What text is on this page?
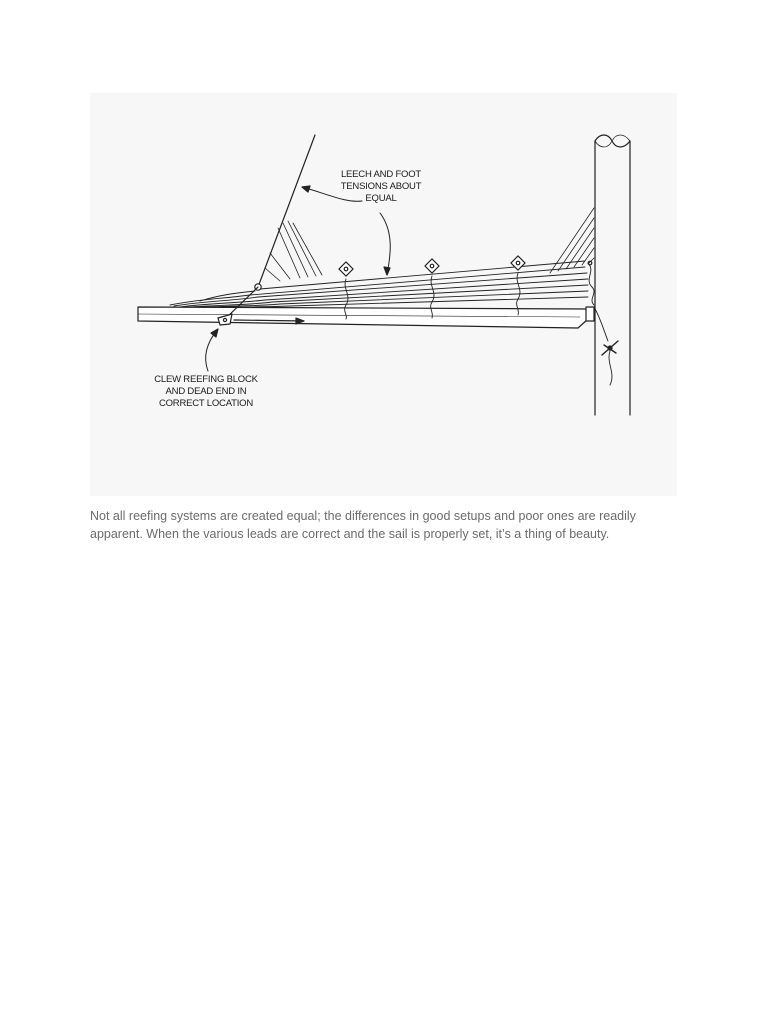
LEECH AND FOOT
TENSIONS ABOUT
EQUAL
CLEW REEFING BLOCK
AND DEAD END IN
CORRECT LOCATION

Not all reefing systems are created equal; the differences in good setups and poor ones are readily apparent. When the various leads are correct and the sail is properly set, it’s a thing of beauty.
